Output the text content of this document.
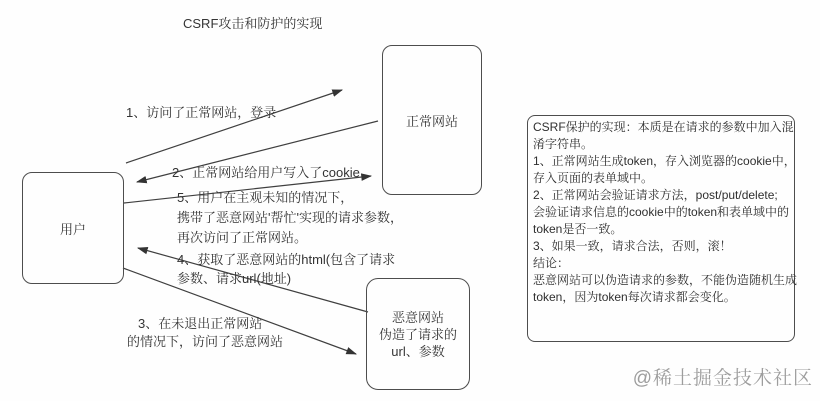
CSRF攻击和防护的实现
用户
正常网站
恶意网站
伪造了请求的
url、参数
1、访问了正常网站，登录
2、正常网站给用户写入了cookie
5、用户在主观未知的情况下，
携带了恶意网站'帮忙'实现的请求参数，
再次访问了正常网站。
4、获取了恶意网站的html(包含了请求
参数、请求url(地址)
3、在未退出正常网站
的情况下，访问了恶意网站
CSRF保护的实现：本质是在请求的参数中加入混
淆字符串。
1、正常网站生成token，存入浏览器的cookie中，
存入页面的表单域中。
2、正常网站会验证请求方法，post/put/delete;
会验证请求信息的cookie中的token和表单域中的
token是否一致。
3、如果一致，请求合法，否则，滚！
结论：
恶意网站可以伪造请求的参数，不能伪造随机生成
token，因为token每次请求都会变化。
@稀土掘金技术社区
